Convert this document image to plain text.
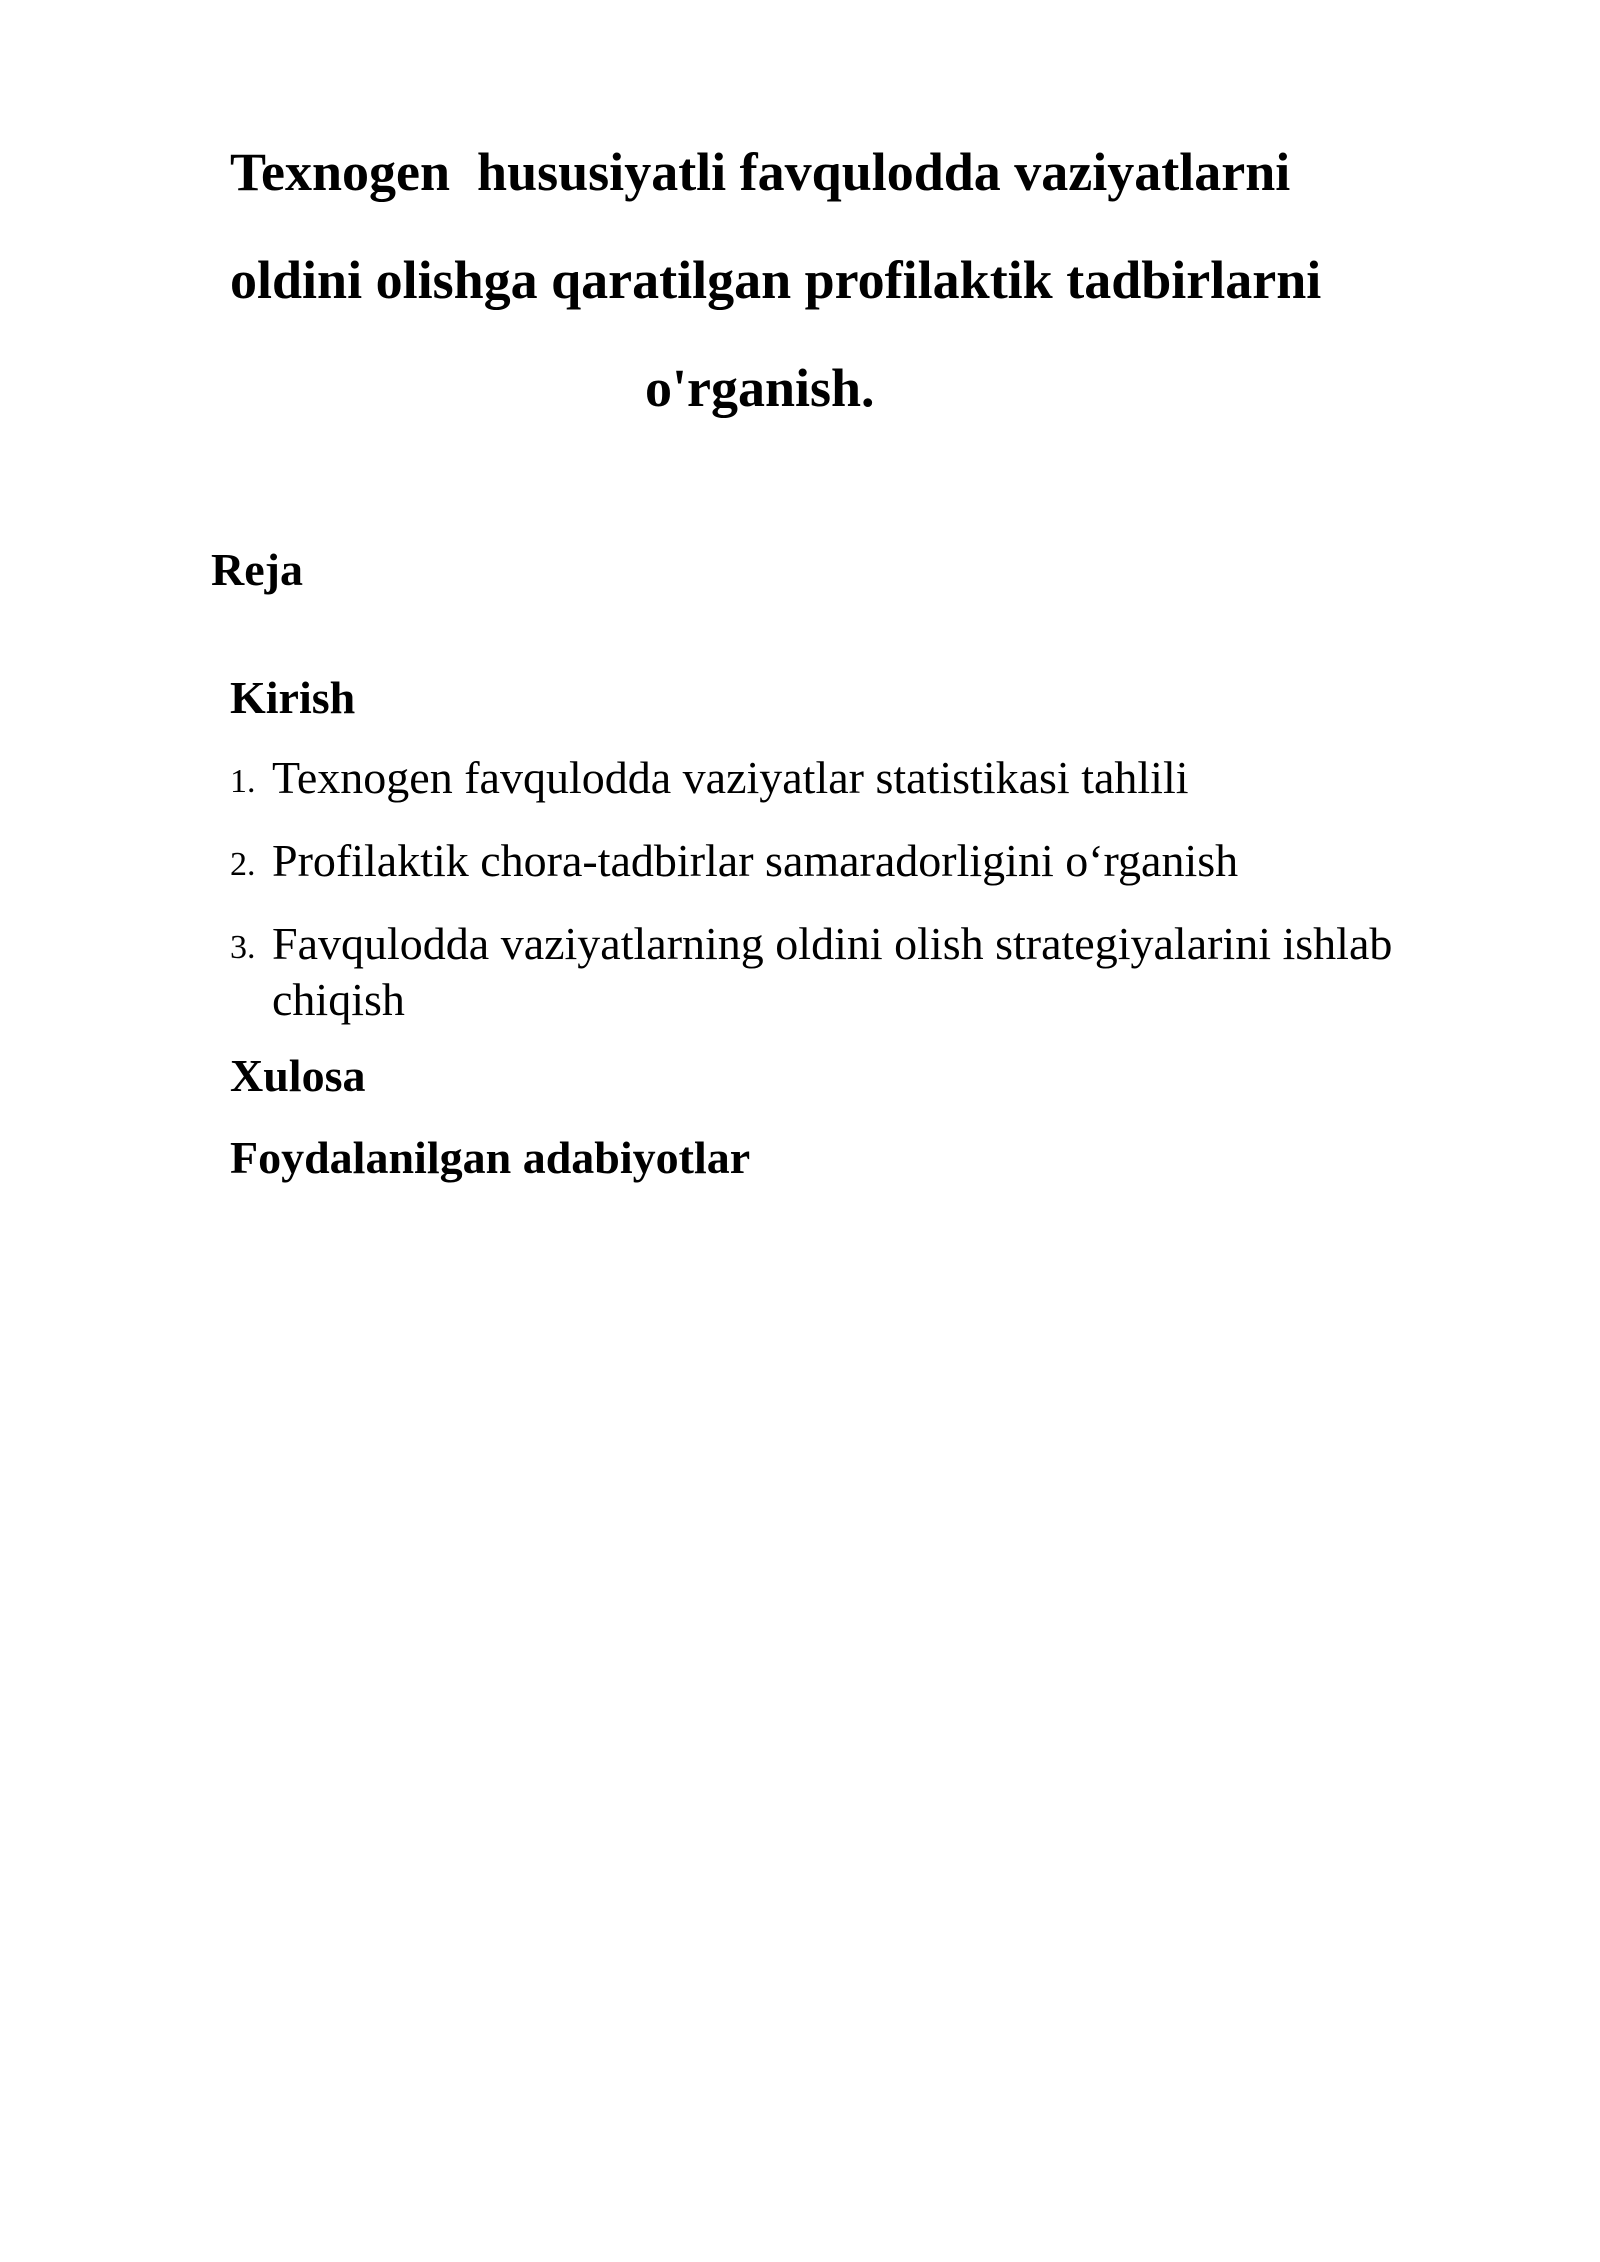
Texnogen  hususiyatli favqulodda vaziyatlarni
oldini olishga qaratilgan profilaktik tadbirlarni
o'rganish.
Reja

Kirish

1. Texnogen favqulodda vaziyatlar statistikasi tahlili
2. Profilaktik chora-tadbirlar samaradorligini o‘rganish
3. Favqulodda vaziyatlarning oldini olish strategiyalarini ishlab chiqish

Xulosa

Foydalanilgan adabiyotlar
